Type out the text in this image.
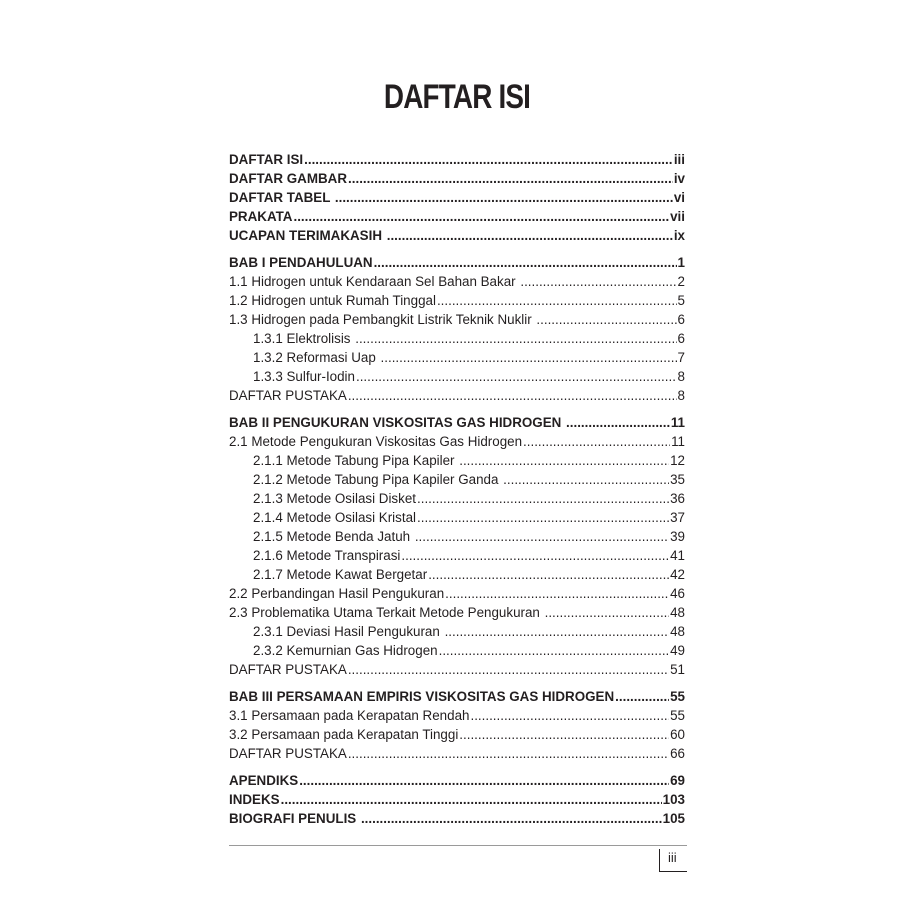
DAFTAR ISI
DAFTAR ISI .....	iii
DAFTAR GAMBAR .....	iv
DAFTAR TABEL .....	vi
PRAKATA .....	vii
UCAPAN TERIMAKASIH .....	ix
BAB I PENDAHULUAN .....	1
1.1 Hidrogen untuk Kendaraan Sel Bahan Bakar .....	2
1.2 Hidrogen untuk Rumah Tinggal .....	5
1.3 Hidrogen pada Pembangkit Listrik Teknik Nuklir .....	6
1.3.1 Elektrolisis .....	6
1.3.2 Reformasi Uap .....	7
1.3.3 Sulfur-Iodin .....	8
DAFTAR PUSTAKA .....	8
BAB II PENGUKURAN VISKOSITAS GAS HIDROGEN .....	11
2.1 Metode Pengukuran Viskositas Gas Hidrogen .....	11
2.1.1 Metode Tabung Pipa Kapiler .....	12
2.1.2 Metode Tabung Pipa Kapiler Ganda .....	35
2.1.3 Metode Osilasi Disket .....	36
2.1.4 Metode Osilasi Kristal .....	37
2.1.5 Metode Benda Jatuh .....	39
2.1.6 Metode Transpirasi .....	41
2.1.7 Metode Kawat Bergetar .....	42
2.2 Perbandingan Hasil Pengukuran .....	46
2.3 Problematika Utama Terkait Metode Pengukuran .....	48
2.3.1 Deviasi Hasil Pengukuran .....	48
2.3.2 Kemurnian Gas Hidrogen .....	49
DAFTAR PUSTAKA .....	51
BAB III PERSAMAAN EMPIRIS VISKOSITAS GAS HIDROGEN .....	55
3.1 Persamaan pada Kerapatan Rendah .....	55
3.2 Persamaan pada Kerapatan Tinggi .....	60
DAFTAR PUSTAKA .....	66
APENDIKS .....	69
INDEKS .....	103
BIOGRAFI PENULIS .....	105
iii
